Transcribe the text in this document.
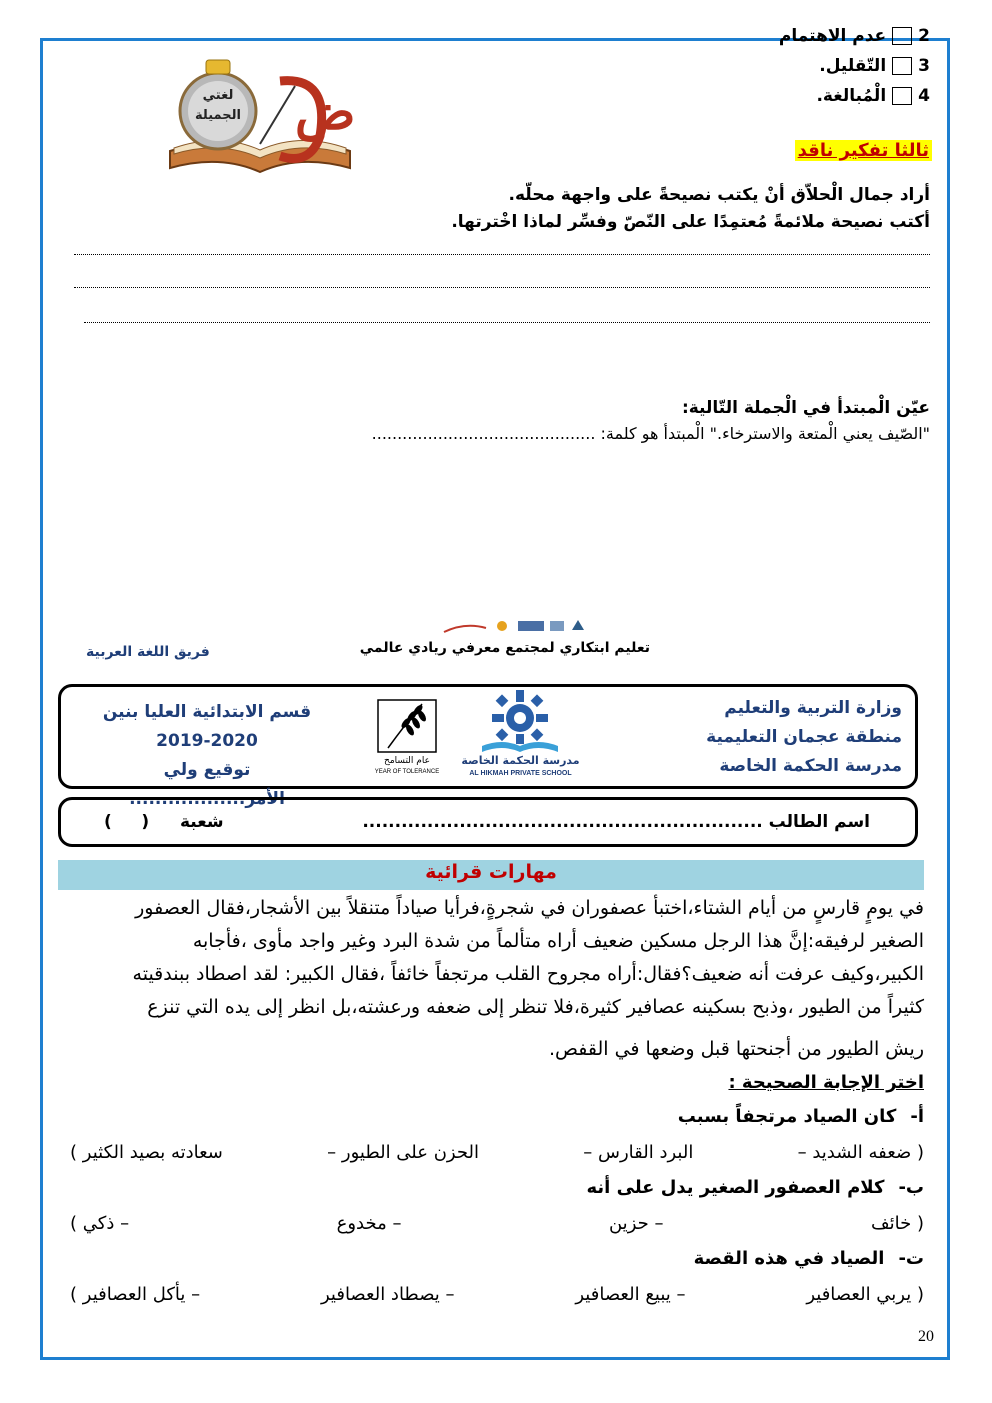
2
عدم الاهتمام
3
التّقليل.
4
الْمُبالغة.
لغتي
الجميلة ض
ثالثا تفكير ناقد
أراد جمال الْحلاّق أنْ يكتب نصيحةً على واجهة محلّه.
أكتب نصيحة ملائمةً مُعتمِدًا على النّصّ وفسِّر لماذا اخْترتها.
عيّن الْمبتدأ في الْجملة التّالية:
"الصّيف يعني الْمتعة والاسترخاء." الْمبتدأ هو كلمة: ............................................
تعليم ابتكاري لمجتمع معرفي ريادي عالمي
فريق اللغة العربية
وزارة التربية والتعليم
منطقة عجمان التعليمية
مدرسة الحكمة الخاصة
مدرسة الحكمة الخاصة
AL HIKMAH PRIVATE SCHOOL
عام التسامح
YEAR OF TOLERANCE
قسم الابتدائية العليا بنين
2019-2020
توقيع ولي الأمر..................
اسم الطالب ..............................................................
شعبة
(     )
مهارات قرائية
في يومٍ قارسٍ من أيام الشتاء،اختبأ عصفوران في شجرةٍ،فرأيا صياداً متنقلاً بين الأشجار،فقال العصفور
الصغير لرفيقه:إنَّ هذا الرجل مسكين ضعيف أراه متألماً من شدة البرد وغير واجد مأوى ،فأجابه
الكبير،وكيف عرفت أنه ضعيف؟فقال:أراه مجروح القلب مرتجفاً خائفاً ،فقال الكبير: لقد اصطاد ببندقيته
كثيراً من الطيور ،وذبح بسكينه عصافير كثيرة،فلا تنظر إلى ضعفه ورعشته،بل انظر إلى يده التي تنزع
ريش الطيور من أجنحتها قبل وضعها في القفص.
اختر الإجابة الصحيحة :
أ-
كان الصياد مرتجفاً بسبب
( ضعفه الشديد –
البرد القارس –
الحزن على الطيور –
سعادته بصيد الكثير )
ب-
كلام العصفور الصغير يدل على أنه
( خائف
– حزين
– مخدوع
– ذكي )
ت-
الصياد في هذه القصة
( يربي العصافير
– يبيع العصافير
– يصطاد العصافير
– يأكل العصافير )
20
